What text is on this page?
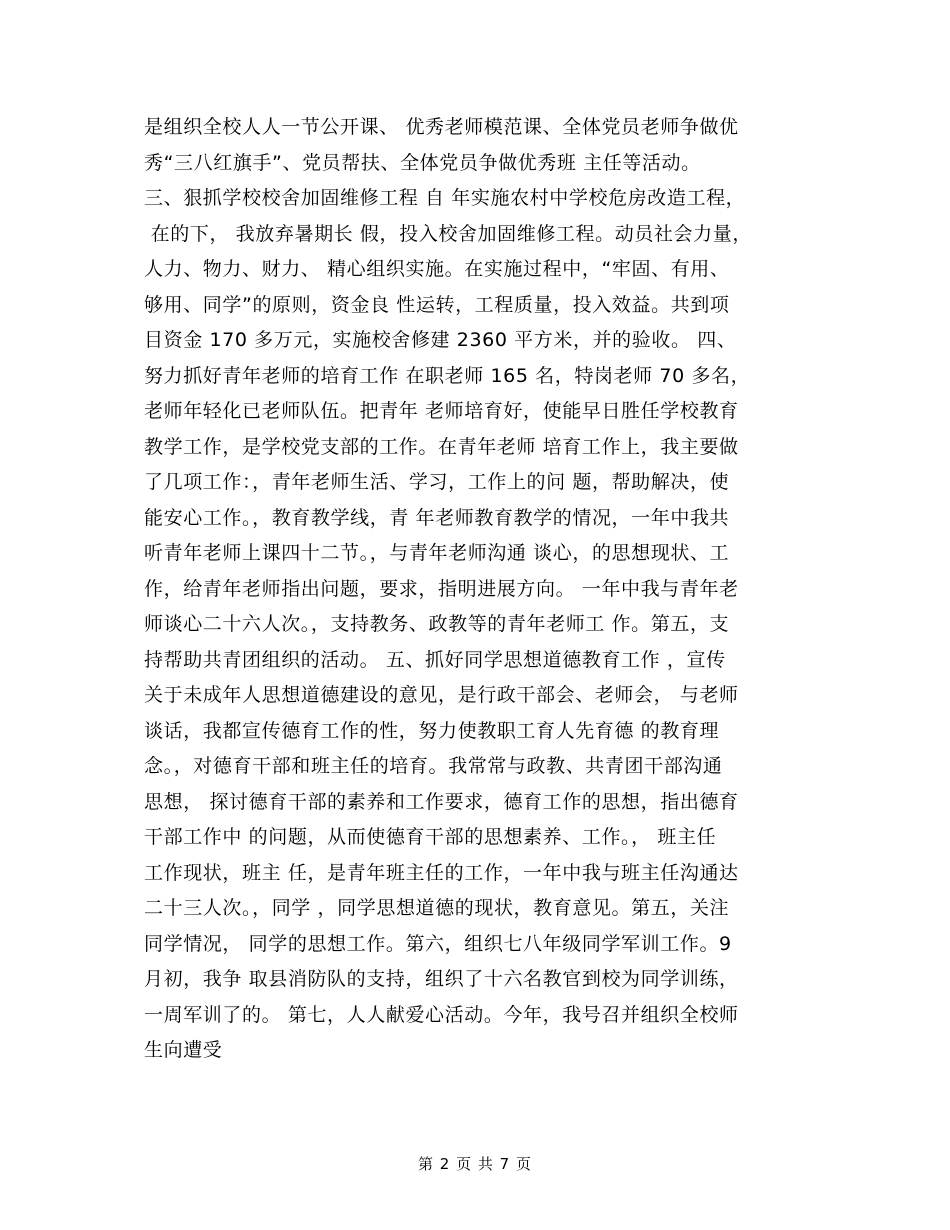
是组织全校人人一节公开课、 优秀老师模范课、全体党员老师争做优
秀“三八红旗手”、党员帮扶、全体党员争做优秀班 主任等活动。
三、狠抓学校校舍加固维修工程 自 年实施农村中学校危房改造工程，
在的下， 我放弃暑期长 假，投入校舍加固维修工程。动员社会力量，
人力、物力、财力、 精心组织实施。在实施过程中，“牢固、有用、
够用、同学”的原则，资金良 性运转，工程质量，投入效益。共到项
目资金 170 多万元，实施校舍修建 2360 平方米，并的验收。 四、
努力抓好青年老师的培育工作 在职老师 165 名，特岗老师 70 多名，
老师年轻化已老师队伍。把青年 老师培育好，使能早日胜任学校教育
教学工作，是学校党支部的工作。在青年老师 培育工作上，我主要做
了几项工作：，青年老师生活、学习，工作上的问 题，帮助解决，使
能安心工作。，教育教学线，青 年老师教育教学的情况，一年中我共
听青年老师上课四十二节。，与青年老师沟通 谈心，的思想现状、工
作，给青年老师指出问题，要求，指明进展方向。 一年中我与青年老
师谈心二十六人次。，支持教务、政教等的青年老师工 作。第五，支
持帮助共青团组织的活动。 五、抓好同学思想道德教育工作 ，宣传
关于未成年人思想道德建设的意见，是行政干部会、老师会， 与老师
谈话，我都宣传德育工作的性，努力使教职工育人先育德 的教育理
念。，对德育干部和班主任的培育。我常常与政教、共青团干部沟通
思想， 探讨德育干部的素养和工作要求，德育工作的思想，指出德育
干部工作中 的问题，从而使德育干部的思想素养、工作。， 班主任
工作现状，班主 任，是青年班主任的工作，一年中我与班主任沟通达
二十三人次。，同学 ，同学思想道德的现状，教育意见。第五，关注
同学情况， 同学的思想工作。第六，组织七八年级同学军训工作。9
月初，我争 取县消防队的支持，组织了十六名教官到校为同学训练，
一周军训了的。 第七，人人献爱心活动。今年，我号召并组织全校师
生向遭受
第 2 页 共 7 页
